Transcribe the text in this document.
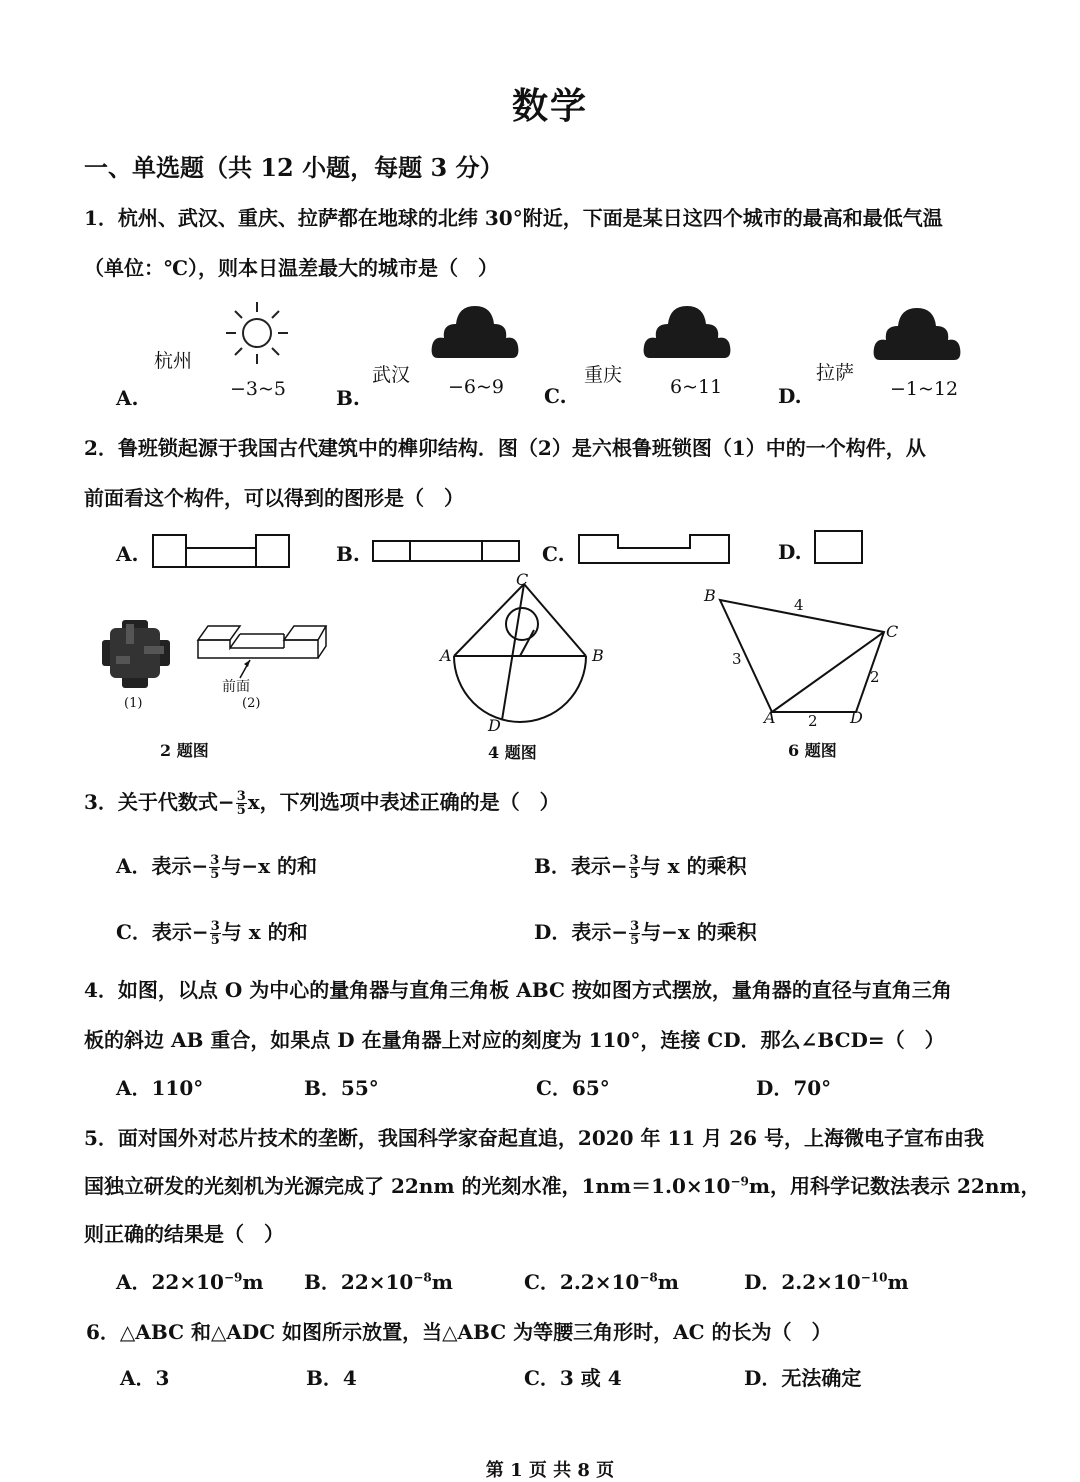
数学
一、单选题（共 12 小题，每题 3 分）
1．杭州、武汉、重庆、拉萨都在地球的北纬 30°附近，下面是某日这四个城市的最高和最低气温
（单位：℃），则本日温差最大的城市是（　）
杭州
−3~5
A.
武汉
−6~9
B.
重庆
6~11
C.
拉萨
−1~12
D.
2．鲁班锁起源于我国古代建筑中的榫卯结构．图（2）是六根鲁班锁图（1）中的一个构件，从
前面看这个构件，可以得到的图形是（　）
A.	B.	C.	D.
前面
(1)	(2)
2 题图
C
A	B
D
4 题图
B
C
A	D
4
3
2
2
6 题图
3．关于代数式− $\frac{3}{5}$ x，下列选项中表述正确的是（　）
A．表示− $\frac{3}{5}$ 与−x 的和	B．表示− $\frac{3}{5}$ 与 x 的乘积
C．表示− $\frac{3}{5}$ 与 x 的和	D．表示− $\frac{3}{5}$ 与−x 的乘积
4．如图，以点 O 为中心的量角器与直角三角板 ABC 按如图方式摆放，量角器的直径与直角三角
板的斜边 AB 重合，如果点 D 在量角器上对应的刻度为 110°，连接 CD．那么∠BCD=（　）
A．110°	B．55°	C．65°	D．70°
5．面对国外对芯片技术的垄断，我国科学家奋起直追，2020 年 11 月 26 号，上海微电子宣布由我
国独立研发的光刻机为光源完成了 22nm 的光刻水准，$1nm=1.0\times 10^{-9}m$，用科学记数法表示 22nm，
则正确的结果是（　）
A．$22\times 10^{-9}m$ B．$22\times 10^{-8}m$	C．$2.2\times 10^{-8}m$	D．$2.2\times 10^{-10}m$
6．△ABC 和△ADC 如图所示放置，当△ABC 为等腰三角形时，AC 的长为（　）
A．3	B．4	C．3 或 4	D．无法确定
第 1 页 共 8 页
